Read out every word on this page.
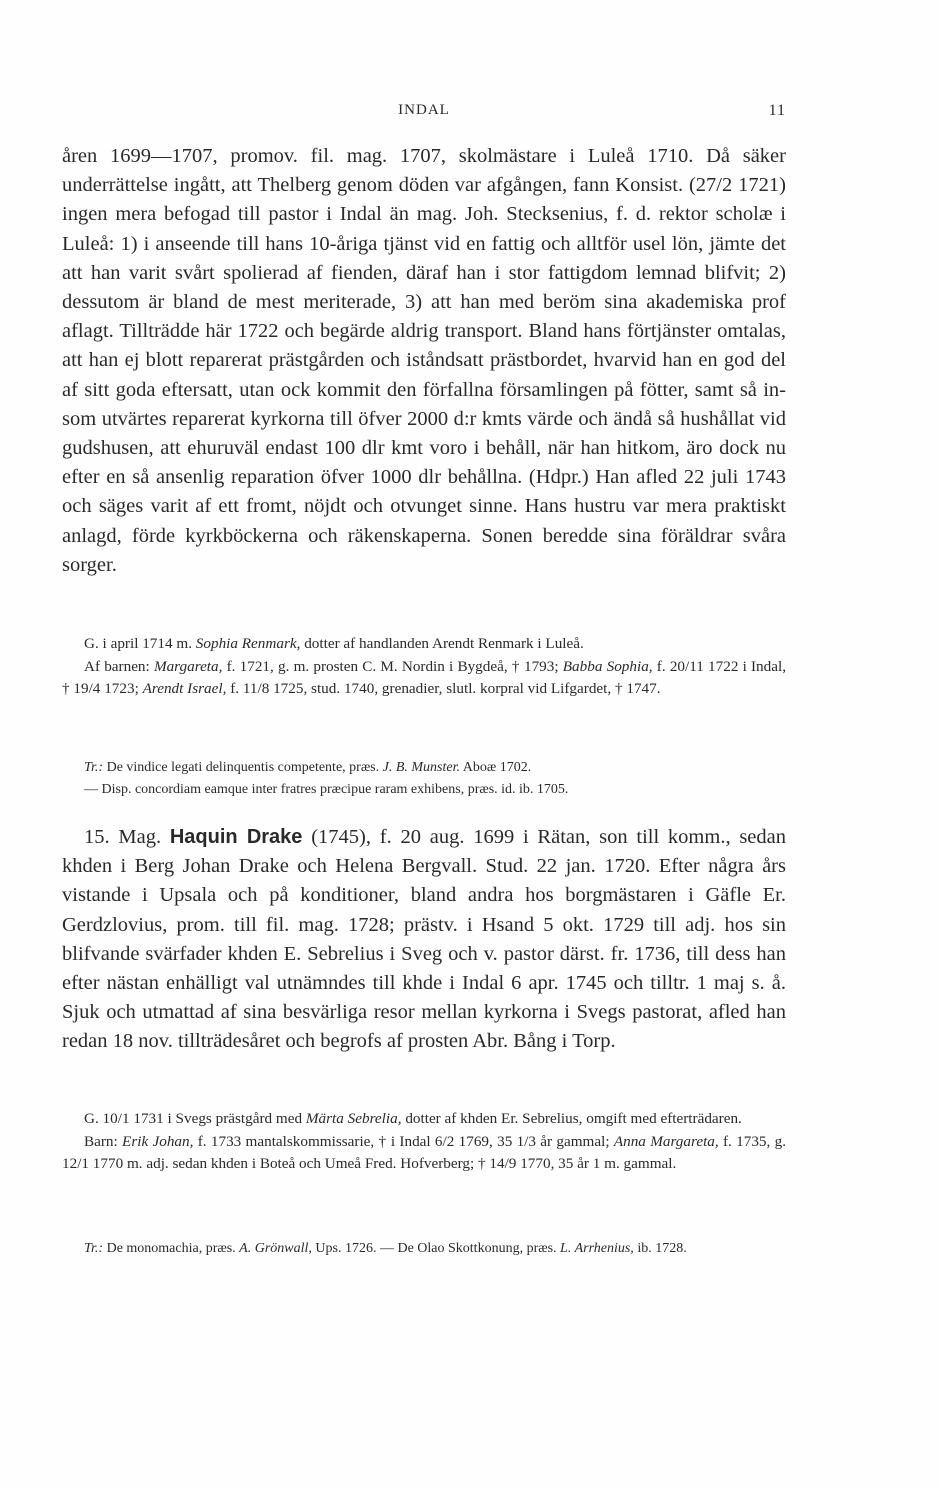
INDAL	11

åren 1699—1707, promov. fil. mag. 1707, skolmästare i Luleå 1710. Då säker underrättelse ingått, att Thelberg genom döden var afgången, fann Konsist. (27/2 1721) ingen mera befogad till pastor i Indal än mag. Joh. Stecksenius, f. d. rektor scholæ i Luleå: 1) i anseende till hans 10-åriga tjänst vid en fattig och alltför usel lön, jämte det att han varit svårt spolierad af fienden, däraf han i stor fattigdom lemnad blifvit; 2) dessutom är bland de mest meriterade, 3) att han med beröm sina akademiska prof aflagt. Tillträdde här 1722 och begärde aldrig transport. Bland hans förtjänster omtalas, att han ej blott reparerat prästgården och iståndsatt prästbordet, hvarvid han en god del af sitt goda eftersatt, utan ock kommit den förfallna församlingen på fötter, samt så in- som utvärtes reparerat kyrkorna till öfver 2000 d:r kmts värde och ändå så hushållat vid gudshusen, att ehuruväl endast 100 dlr kmt voro i behåll, när han hitkom, äro dock nu efter en så ansenlig reparation öfver 1000 dlr behållna. (Hdpr.) Han afled 22 juli 1743 och säges varit af ett fromt, nöjdt och otvunget sinne. Hans hustru var mera praktiskt anlagd, förde kyrkböckerna och räkenskaperna. Sonen beredde sina föräldrar svåra sorger.

G. i april 1714 m. Sophia Renmark, dotter af handlanden Arendt Renmark i Luleå.

Af barnen: Margareta, f. 1721, g. m. prosten C. M. Nordin i Bygdeå, † 1793; Babba Sophia, f. 20/11 1722 i Indal, † 19/4 1723; Arendt Israel, f. 11/8 1725, stud. 1740, grenadier, slutl. korpral vid Lifgardet, † 1747.

Tr.: De vindice legati delinquentis competente, præs. J. B. Munster. Aboæ 1702.

— Disp. concordiam eamque inter fratres præcipue raram exhibens, præs. id. ib. 1705.

15. Mag. Haquin Drake (1745), f. 20 aug. 1699 i Rätan, son till komm., sedan khden i Berg Johan Drake och Helena Bergvall. Stud. 22 jan. 1720. Efter några års vistande i Upsala och på konditioner, bland andra hos borgmästaren i Gäfle Er. Gerdzlovius, prom. till fil. mag. 1728; prästv. i Hsand 5 okt. 1729 till adj. hos sin blifvande svärfader khden E. Sebrelius i Sveg och v. pastor därst. fr. 1736, till dess han efter nästan enhälligt val utnämndes till khde i Indal 6 apr. 1745 och tilltr. 1 maj s. å. Sjuk och utmattad af sina besvärliga resor mellan kyrkorna i Svegs pastorat, afled han redan 18 nov. tillträdesåret och begrofs af prosten Abr. Bång i Torp.

G. 10/1 1731 i Svegs prästgård med Märta Sebrelia, dotter af khden Er. Sebrelius, omgift med efterträdaren.

Barn: Erik Johan, f. 1733 mantalskommissarie, † i Indal 6/2 1769, 35 1/3 år gammal; Anna Margareta, f. 1735, g. 12/1 1770 m. adj. sedan khden i Boteå och Umeå Fred. Hofverberg; † 14/9 1770, 35 år 1 m. gammal.

Tr.: De monomachia, præs. A. Grönwall, Ups. 1726. — De Olao Skottkonung, præs. L. Arrhenius, ib. 1728.
